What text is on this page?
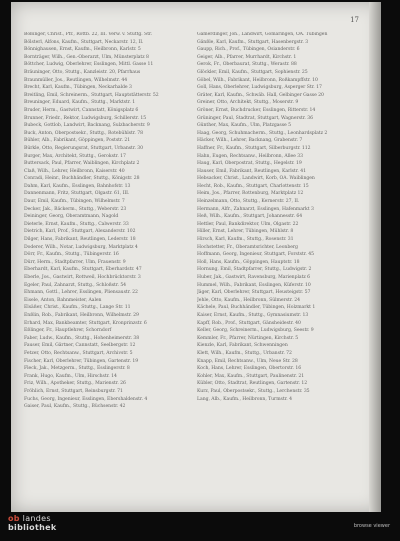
17

Bößinger, Christ., Pfr., Rottb. 22, III. Verw. v. Stuttg. Str.

Bölsterl, Alfons, Kaufm., Stuttgart, Neckarstr. 12, II.

Bönnighausen, Ernst, Kaufm., Heilbronn, Karlstr. 5

Bornträger, Wilh., Gen.-Oberarzt, Ulm, Münsterplatz 8

Böttcher, Ludwig, Oberlehrer, Esslingen, Mittl. Gasse 11

Bräuninger, Otto, Stuttg., Kanzleistr. 20, Pfarrhaus

Braunmüller, Jos., Reutlingen, Wilhelmstr. 44

Brecht, Karl, Kaufm., Tübingen, Neckarhalde 3

Breitling, Emil, Schreinerm., Stuttgart, Hauptstätterstr. 52

Breuninger, Eduard, Kaufm., Stuttg., Marktstr. 1

Bruder, Herm., Gastwirt, Cannstatt, Königsplatz 6

Brunner, Friedr., Rektor, Ludwigsburg, Schillerstr. 15

Bubeck, Gottlob, Landwirt, Backnang, Sulzbacherstr. 9

Buck, Anton, Oberpostsekr., Stuttg., Rotebühlstr. 78

Bühler, Alb., Fabrikant, Göppingen, Poststr. 21

Bürkle, Otto, Regierungsrat, Stuttgart, Urbanstr. 30

Burger, Max, Architekt, Stuttg., Gerokstr. 17

Buttersack, Paul, Pfarrer, Waiblingen, Kirchplatz 2

Claß, Wilh., Lehrer, Heilbronn, Kaiserstr. 40

Conradi, Heinr., Buchhändler, Stuttg., Königstr. 28

Dahm, Karl, Kaufm., Esslingen, Bahnhofstr. 13

Dannenmann, Fritz, Stuttgart, Olgastr. 61, III.

Daur, Emil, Kaufm., Tübingen, Wilhelmstr. 7

Decker, Jak., Bäckerm., Stuttg., Weberstr. 23

Deininger, Georg, Oberamtmann, Nagold

Dieterle, Ernst, Kaufm., Stuttg., Calwerstr. 33

Dietrich, Karl, Prof., Stuttgart, Alexanderstr. 102

Dilger, Hans, Fabrikant, Reutlingen, Lederstr. 18

Doderer, Wilh., Notar, Ludwigsburg, Marktplatz 4

Dörr, Fr., Kaufm., Stuttg., Tübingerstr. 16

Dürr, Herm., Stadtpfarrer, Ulm, Frauenstr. 9

Eberhardt, Karl, Kaufm., Stuttgart, Eberhardstr. 47

Eberle, Jos., Gastwirt, Rottweil, Hochbrücktorstr. 3

Egeler, Paul, Zahnarzt, Stuttg., Schloßstr. 54

Ehmann, Gottl., Lehrer, Esslingen, Pliensaustr. 22

Eisele, Anton, Bahnmeister, Aalen

Elsäßer, Christ., Kaufm., Stuttg., Lange Str. 11

Enßlin, Rob., Fabrikant, Heilbronn, Wilhelmstr. 29

Erhard, Max, Bankbeamter, Stuttgart, Kronprinzstr. 6

Eßlinger, Fr., Hauptlehrer, Schorndorf

Faber, Ludw., Kaufm., Stuttg., Hohenheimerstr. 38

Fauser, Emil, Gärtner, Cannstatt, Seelbergstr. 12

Fetzer, Otto, Rechtsanw., Stuttgart, Archivstr. 5

Fischer, Karl, Oberlehrer, Tübingen, Gartenstr. 19

Fleck, Jak., Metzgerm., Stuttg., Esslingerstr. 8

Frank, Hugo, Kaufm., Ulm, Hirschstr. 14

Friz, Wilh., Apotheker, Stuttg., Marienstr. 26

Fröhlich, Ernst, Stuttgart, Reinsburgstr. 71

Fuchs, Georg, Ingenieur, Esslingen, Ebershaldenstr. 4

Gaiser, Paul, Kaufm., Stuttg., Büchsenstr. 42

Gamerdinger, Joh., Landwirt, Gomaringen, OA. Tübingen

Gänßle, Karl, Kaufm., Stuttgart, Hasenbergstr. 3

Gaupp, Rich., Prof., Tübingen, Osianderstr. 6

Geiger, Alb., Pfarrer, Murrhardt, Kirchstr. 1

Gerok, Fr., Oberbaurat, Stuttg., Werastr. 88

Glöckler, Emil, Kaufm., Stuttgart, Sophienstr. 25

Göbel, Wilh., Fabrikant, Heilbronn, Roßkampffstr. 10

Goll, Hans, Oberlehrer, Ludwigsburg, Asperger Str. 17

Gräter, Karl, Kaufm., Schwäb. Hall, Gelbinger Gasse 20

Greiner, Otto, Architekt, Stuttg., Moserstr. 9

Gröner, Ernst, Buchdrucker, Esslingen, Ritterstr. 14

Grüninger, Paul, Stadtrat, Stuttgart, Wagnerstr. 36

Günther, Max, Kaufm., Ulm, Platzgasse 5

Haag, Georg, Schuhmacherm., Stuttg., Leonhardsplatz 2

Häcker, Wilh., Lehrer, Backnang, Grabenstr. 7

Haffner, Fr., Kaufm., Stuttgart, Silberburgstr. 112

Hahn, Eugen, Rechtsanw., Heilbronn, Allee 33

Haug, Karl, Oberpostrat, Stuttg., Hegelstr. 19

Hauser, Emil, Fabrikant, Reutlingen, Karlstr. 41

Hebsacker, Christ., Landwirt, Korb, OA. Waiblingen

Hecht, Rob., Kaufm., Stuttgart, Charlottenstr. 15

Heim, Jos., Pfarrer, Rottenburg, Marktplatz 12

Heinzelmann, Otto, Stuttg., Kernerstr. 27, II.

Hermann, Alfr., Zahnarzt, Esslingen, Hafenmarkt 3

Heß, Wilh., Kaufm., Stuttgart, Johannesstr. 64

Hettler, Paul, Bankdirektor, Ulm, Olgastr. 22

Hiller, Ernst, Lehrer, Tübingen, Mühlstr. 8

Hirsch, Karl, Kaufm., Stuttg., Rosenstr. 31

Hochstetter, Fr., Oberamtsrichter, Leonberg

Hoffmann, Georg, Ingenieur, Stuttgart, Forststr. 45

Holl, Hans, Kaufm., Göppingen, Hauptstr. 18

Hornung, Emil, Stadtpfarrer, Stuttg., Ludwigstr. 2

Huber, Jak., Gastwirt, Ravensburg, Marienplatz 6

Hummel, Wilh., Fabrikant, Esslingen, Küferstr. 10

Jäger, Karl, Oberlehrer, Stuttgart, Heusteigstr. 57

Jehle, Otto, Kaufm., Heilbronn, Sülmerstr. 24

Kächele, Paul, Buchhändler, Tübingen, Holzmarkt 1

Kaiser, Ernst, Kaufm., Stuttg., Gymnasiumstr. 13

Kapff, Rob., Prof., Stuttgart, Gänsheidestr. 40

Keller, Georg, Schreinerm., Ludwigsburg, Seestr. 9

Kemmler, Fr., Pfarrer, Nürtingen, Kirchstr. 5

Kienzle, Karl, Fabrikant, Schwenningen

Klett, Wilh., Kaufm., Stuttg., Urbanstr. 72

Knapp, Emil, Rechtsanw., Ulm, Neue Str. 28

Koch, Hans, Lehrer, Esslingen, Obertorstr. 16

Kohler, Max, Kaufm., Stuttgart, Paulinenstr. 21

Kübler, Otto, Stadtrat, Reutlingen, Gartenstr. 12

Kurz, Paul, Oberpostsekr., Stuttg., Lerchenstr. 35

Lang, Alb., Kaufm., Heilbronn, Turmstr. 4

ob landes
bibliothek	browse viewer
